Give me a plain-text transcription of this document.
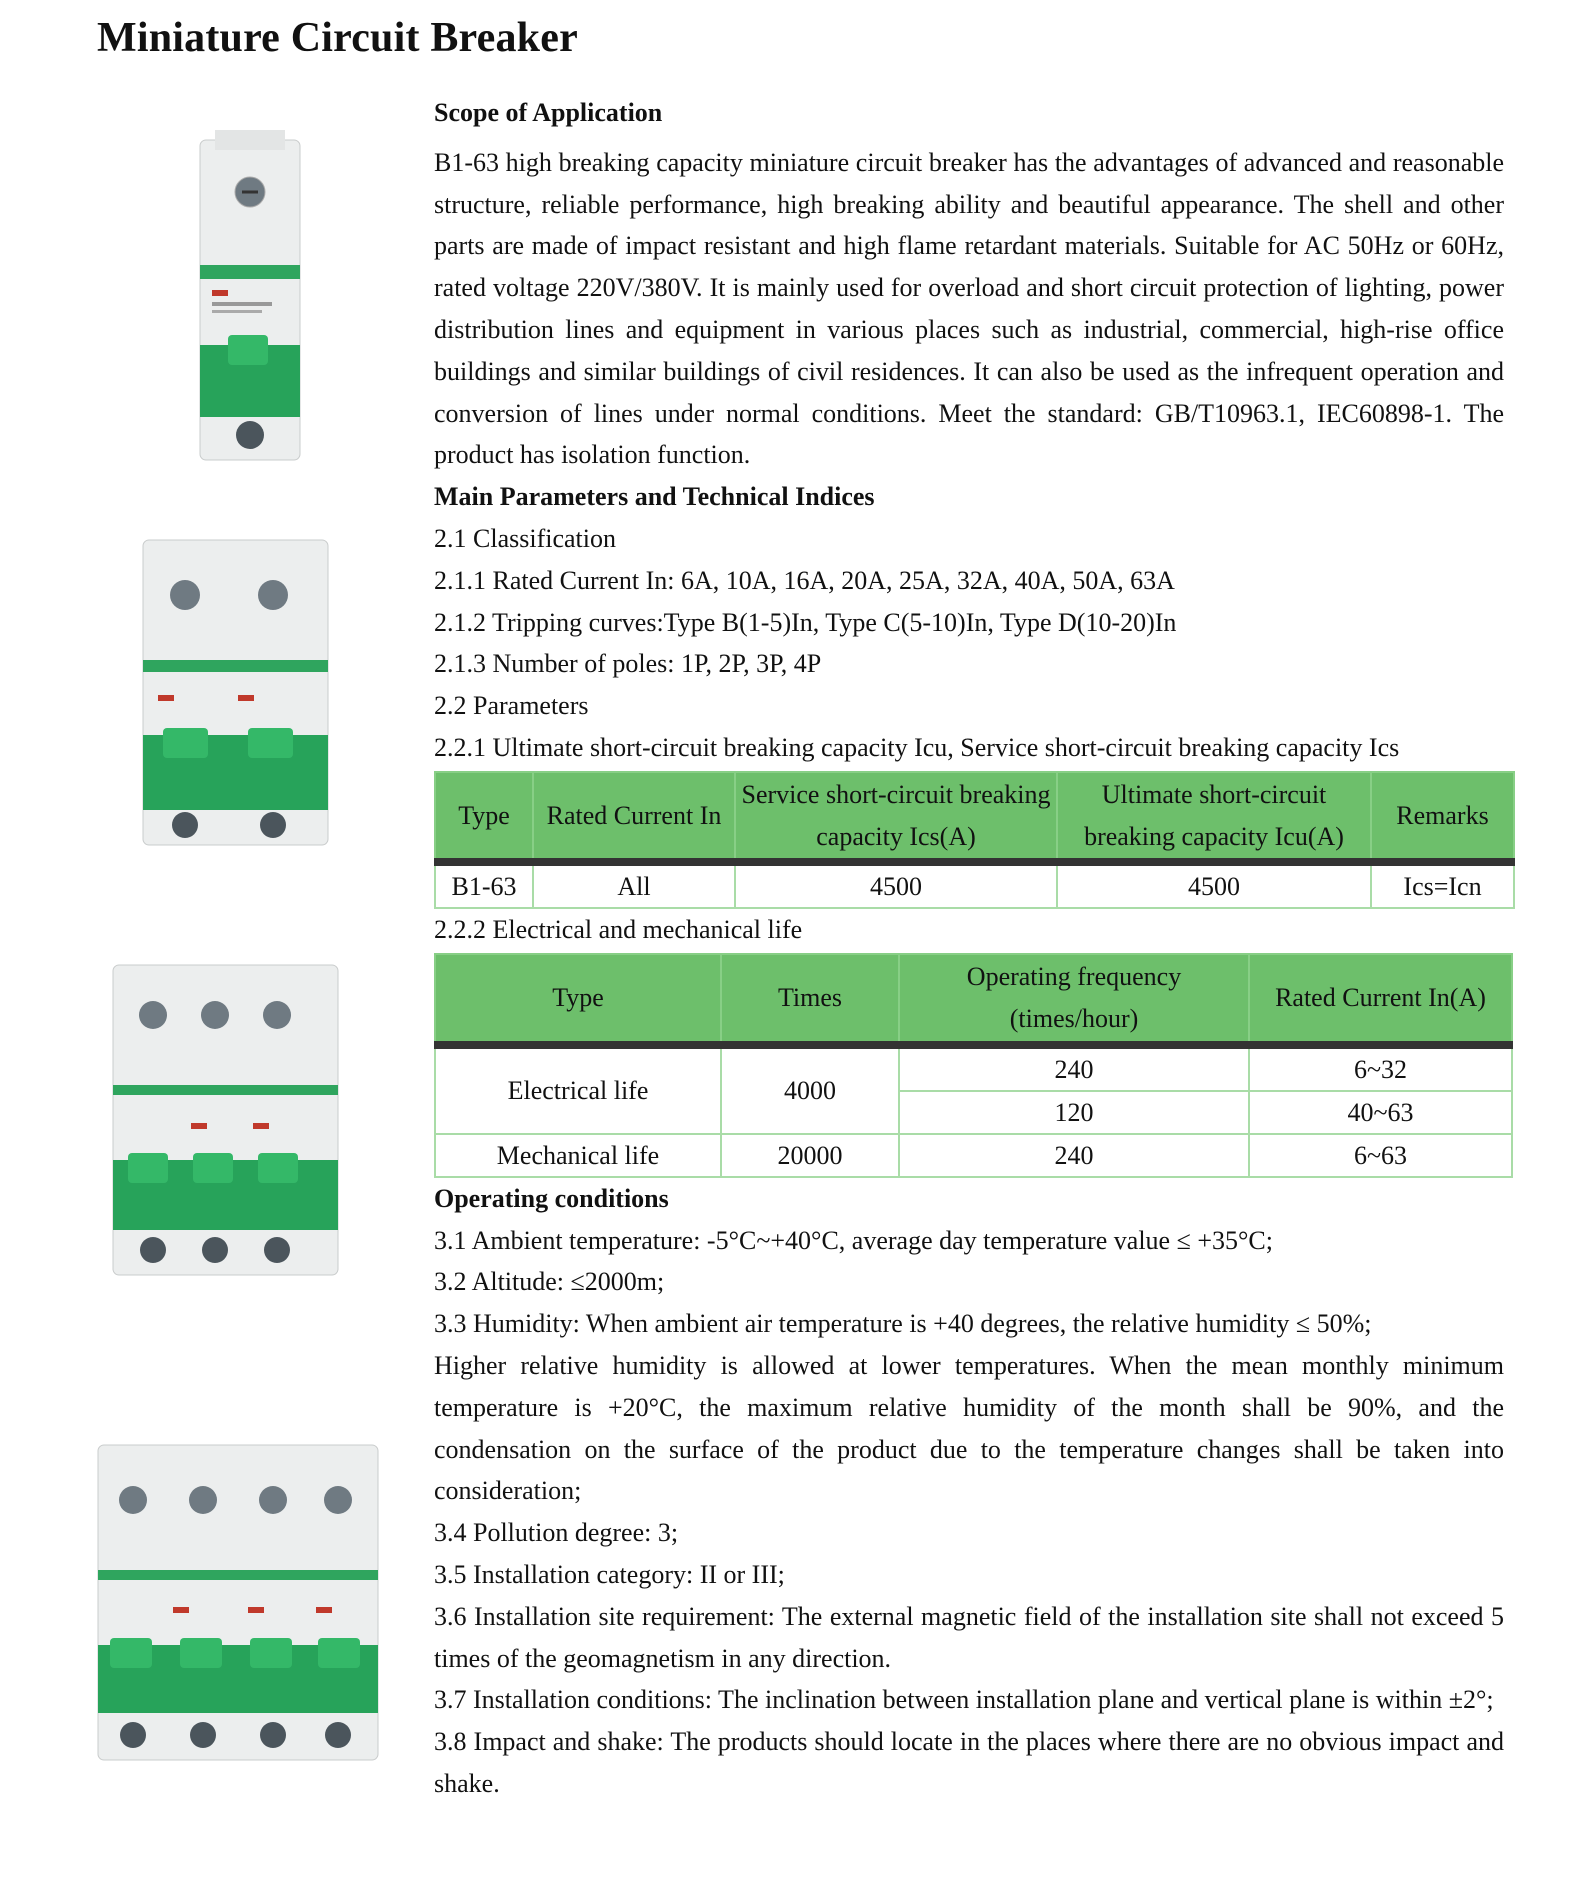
Miniature Circuit Breaker
Scope of Application
B1-63 high breaking capacity miniature circuit breaker has the advantages of advanced and reasonable structure, reliable performance, high breaking ability and beautiful appearance. The shell and other parts are made of impact resistant and high flame retardant materials. Suitable for AC 50Hz or 60Hz, rated voltage 220V/380V. It is mainly used for overload and short circuit protection of lighting, power distribution lines and equipment in various places such as industrial, commercial, high-rise office buildings and similar buildings of civil residences. It can also be used as the infrequent operation and conversion of lines under normal conditions. Meet the standard: GB/T10963.1, IEC60898-1. The product has isolation function.
Main Parameters and Technical Indices
2.1 Classification
2.1.1 Rated Current In: 6A, 10A, 16A, 20A, 25A, 32A, 40A, 50A, 63A
2.1.2 Tripping curves:Type B(1-5)In, Type C(5-10)In, Type D(10-20)In
2.1.3 Number of poles: 1P, 2P, 3P, 4P
2.2 Parameters
2.2.1 Ultimate short-circuit breaking capacity Icu, Service short-circuit breaking capacity Ics
Type	Rated Current In	Service short-circuit breaking capacity Ics(A)	Ultimate short-circuit breaking capacity Icu(A)	Remarks
B1-63	All	4500	4500	Ics=Icn
2.2.2 Electrical and mechanical life
Type	Times	Operating frequency (times/hour)	Rated Current In(A)
Electrical life	4000	240	6~32
		120	40~63
Mechanical life	20000	240	6~63
Operating conditions
3.1 Ambient temperature: -5°C~+40°C, average day temperature value ≤ +35°C;
3.2 Altitude: ≤2000m;
3.3 Humidity: When ambient air temperature is +40 degrees, the relative humidity ≤ 50%;
Higher relative humidity is allowed at lower temperatures. When the mean monthly minimum temperature is +20°C, the maximum relative humidity of the month shall be 90%, and the condensation on the surface of the product due to the temperature changes shall be taken into consideration;
3.4 Pollution degree: 3;
3.5 Installation category: II or III;
3.6 Installation site requirement: The external magnetic field of the installation site shall not exceed 5 times of the geomagnetism in any direction.
3.7 Installation conditions: The inclination between installation plane and vertical plane is within ±2°;
3.8 Impact and shake: The products should locate in the places where there are no obvious impact and shake.
